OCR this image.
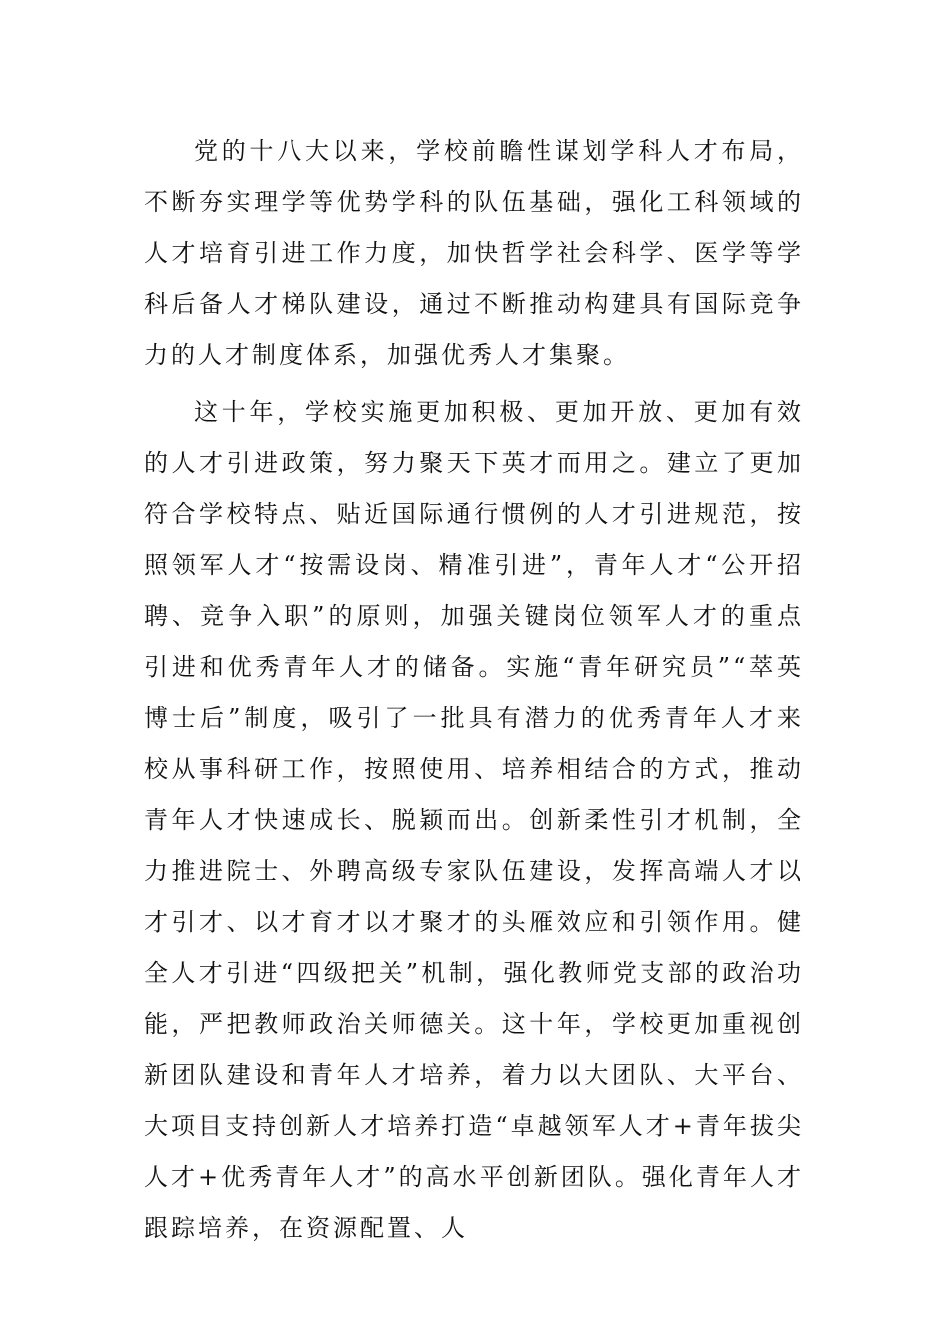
党的十八大以来，学校前瞻性谋划学科人才布局，不断夯实理学等优势学科的队伍基础，强化工科领域的人才培育引进工作力度，加快哲学社会科学、医学等学科后备人才梯队建设，通过不断推动构建具有国际竞争力的人才制度体系，加强优秀人才集聚。

这十年，学校实施更加积极、更加开放、更加有效的人才引进政策，努力聚天下英才而用之。建立了更加符合学校特点、贴近国际通行惯例的人才引进规范，按照领军人才“按需设岗、精准引进”，青年人才“公开招聘、竞争入职”的原则，加强关键岗位领军人才的重点引进和优秀青年人才的储备。实施“青年研究员”“萃英博士后”制度，吸引了一批具有潜力的优秀青年人才来校从事科研工作，按照使用、培养相结合的方式，推动青年人才快速成长、脱颖而出。创新柔性引才机制，全力推进院士、外聘高级专家队伍建设，发挥高端人才以才引才、以才育才以才聚才的头雁效应和引领作用。健全人才引进“四级把关”机制，强化教师党支部的政治功能，严把教师政治关师德关。这十年，学校更加重视创新团队建设和青年人才培养，着力以大团队、大平台、大项目支持创新人才培养打造“卓越领军人才+青年拔尖人才+优秀青年人才”的高水平创新团队。强化青年人才跟踪培养，在资源配置、人
